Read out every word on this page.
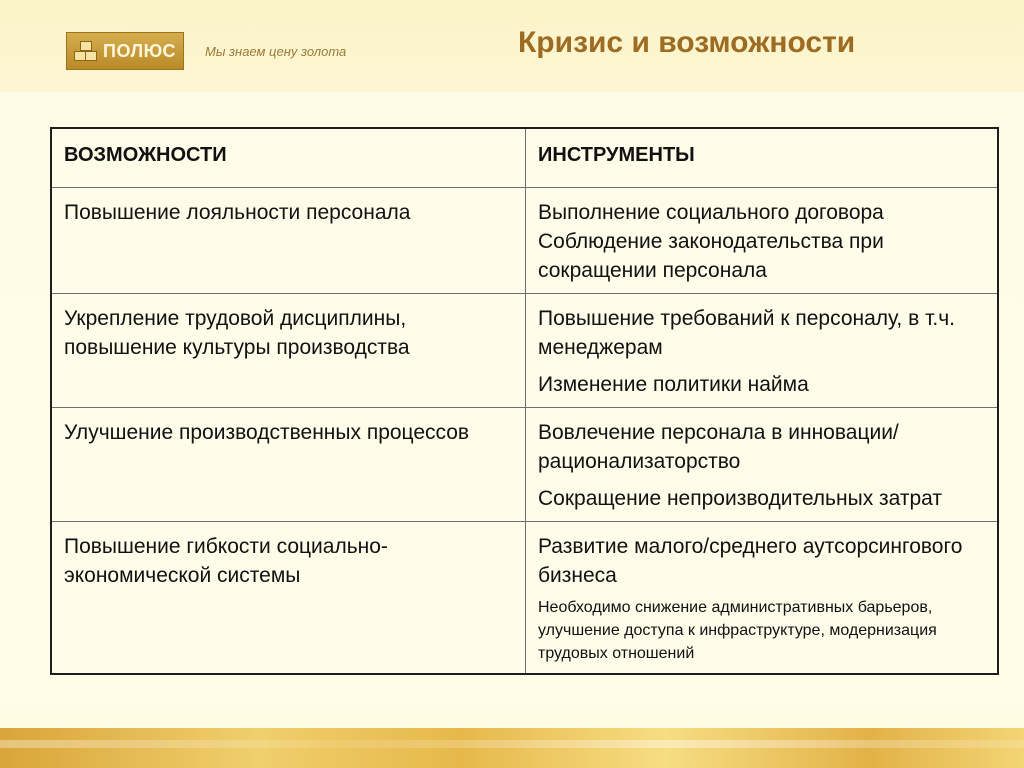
ПОЛЮС Мы знаем цену золота	Кризис и возможности
ВОЗМОЖНОСТИ	ИНСТРУМЕНТЫ
Повышение лояльности персонала	Выполнение социального договора
Соблюдение законодательства при сокращении персонала

Укрепление трудовой дисциплины, повышение культуры производства	Повышение требований к персоналу, в т.ч. менеджерам
Изменение политики найма

Улучшение производственных процессов	Вовлечение персонала в инновации/рационализаторство
Сокращение непроизводительных затрат

Повышение гибкости социально-экономической системы	Развитие малого/среднего аутсорсингового бизнеса
Необходимо снижение административных барьеров, улучшение доступа к инфраструктуре, модернизация трудовых отношений
